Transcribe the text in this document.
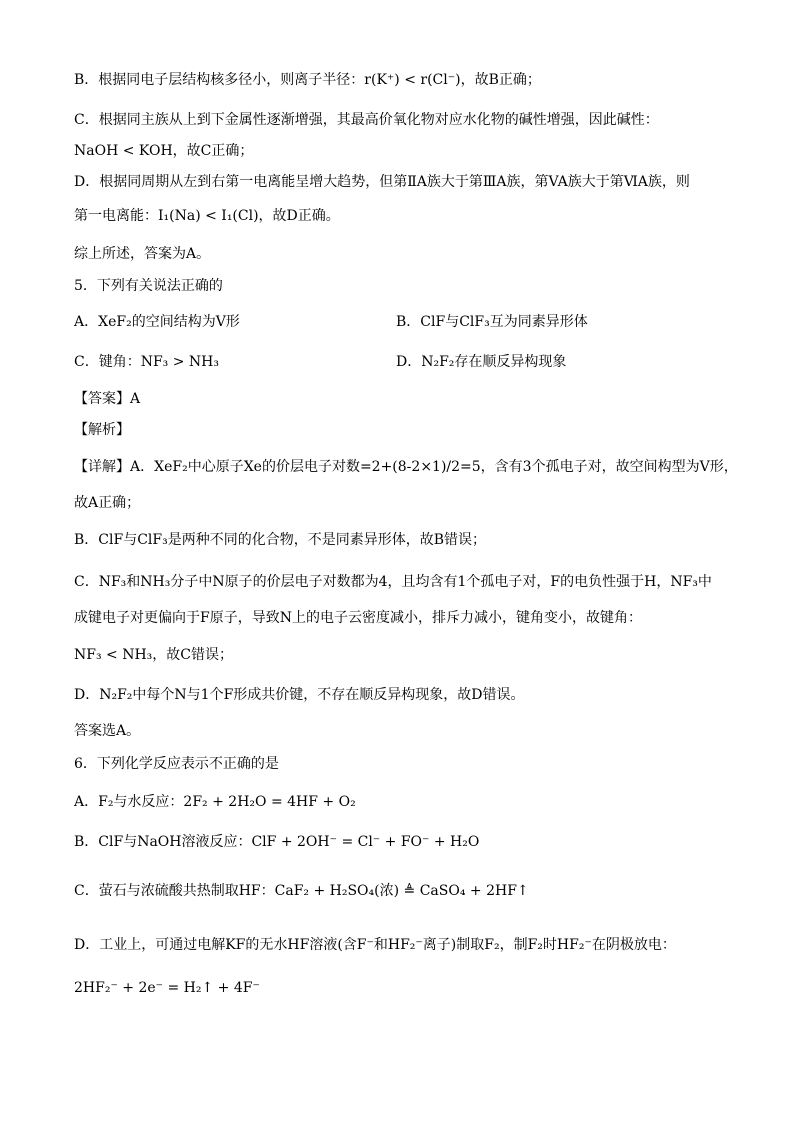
B．根据同电子层结构核多径小，则离子半径：r(K⁺) < r(Cl⁻)，故B正确；
C．根据同主族从上到下金属性逐渐增强，其最高价氧化物对应水化物的碱性增强，因此碱性：
NaOH < KOH，故C正确；
D．根据同周期从左到右第一电离能呈增大趋势，但第ⅡA族大于第ⅢA族，第VA族大于第ⅥA族，则
第一电离能：I₁(Na) < I₁(Cl)，故D正确。
综上所述，答案为A。
5．下列有关说法正确的
A．XeF₂的空间结构为V形	B．ClF与ClF₃互为同素异形体
C．键角：NF₃ > NH₃	D．N₂F₂存在顺反异构现象
【答案】A
【解析】
【详解】A．XeF₂中心原子Xe的价层电子对数=2+(8-2×1)/2=5，含有3个孤电子对，故空间构型为V形，
故A正确；
B．ClF与ClF₃是两种不同的化合物，不是同素异形体，故B错误；
C．NF₃和NH₃分子中N原子的价层电子对数都为4，且均含有1个孤电子对，F的电负性强于H，NF₃中
成键电子对更偏向于F原子，导致N上的电子云密度减小，排斥力减小，键角变小，故键角：
NF₃ < NH₃，故C错误；
D．N₂F₂中每个N与1个F形成共价键，不存在顺反异构现象，故D错误。
答案选A。
6．下列化学反应表示不正确的是
A．F₂与水反应：2F₂ + 2H₂O = 4HF + O₂
B．ClF与NaOH溶液反应：ClF + 2OH⁻ = Cl⁻ + FO⁻ + H₂O
C．萤石与浓硫酸共热制取HF：CaF₂ + H₂SO₄(浓) ≜ CaSO₄ + 2HF↑
D．工业上，可通过电解KF的无水HF溶液(含F⁻和HF₂⁻离子)制取F₂，制F₂时HF₂⁻在阴极放电：
2HF₂⁻ + 2e⁻ = H₂↑ + 4F⁻
